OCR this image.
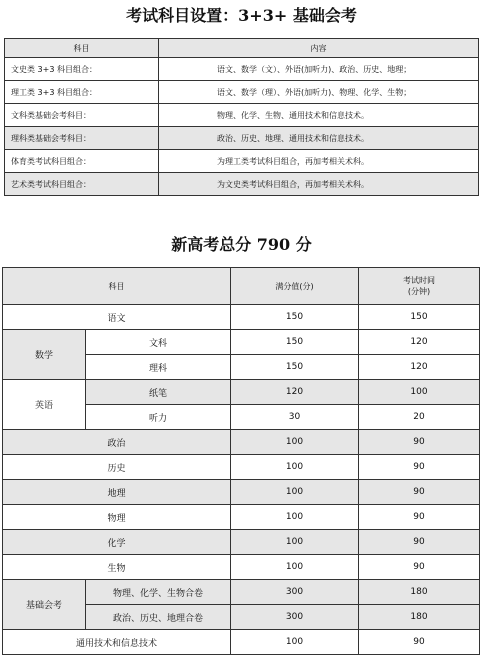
考试科目设置：3+3+ 基础会考
科目	内容
文史类 3+3 科目组合：	语文、数学（文）、外语(加听力)、政治、历史、地理；
理工类 3+3 科目组合：	语文、数学（理）、外语(加听力)、物理、化学、生物；
文科类基础会考科目：	物理、化学、生物、通用技术和信息技术。
理科类基础会考科目：	政治、历史、地理、通用技术和信息技术。
体育类考试科目组合：	为理工类考试科目组合，再加考相关术科。
艺术类考试科目组合：	为文史类考试科目组合，再加考相关术科。
新高考总分 790 分
科目		满分值(分)	考试时间
(分钟)

语文		150	150
数学	文科	150	120
	理科	150	120
英语	纸笔	120	100
	听力	30	20
政治		100	90
历史		100	90
地理		100	90
物理		100	90
化学		100	90
生物		100	90
基础会考	物理、化学、生物合卷	300	180
	政治、历史、地理合卷	300	180
通用技术和信息技术		100	90
